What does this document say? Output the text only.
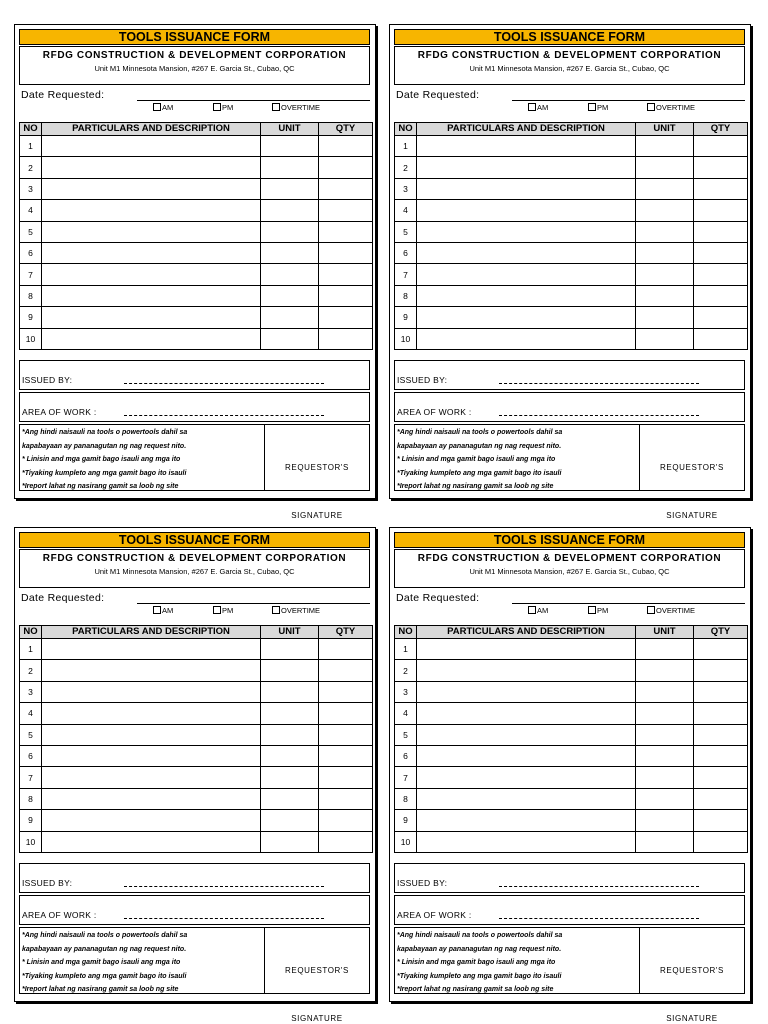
TOOLS ISSUANCE FORM
RFDG CONSTRUCTION & DEVELOPMENT CORPORATION
Unit M1 Minnesota Mansion, #267 E. Garcia St., Cubao, QC
Date Requested:
AM	PM	OVERTIME
NO	PARTICULARS AND DESCRIPTION	UNIT	QTY
1			
2			
3			
4			
5			
6			
7			
8			
9			
10			
ISSUED BY:
AREA OF WORK :
*Ang hindi naisauli na tools o powertools dahil sa
kapabayaan ay pananagutan ng nag request nito.
* Linisin and mga gamit bago isauli ang mga ito
*Tiyaking kumpleto ang mga gamit bago ito isauli
*Ireport lahat ng nasirang gamit sa loob ng site
REQUESTOR'S
SIGNATURE
TOOLS ISSUANCE FORM
RFDG CONSTRUCTION & DEVELOPMENT CORPORATION
Unit M1 Minnesota Mansion, #267 E. Garcia St., Cubao, QC
Date Requested:
AM	PM	OVERTIME
NO	PARTICULARS AND DESCRIPTION	UNIT	QTY
1			
2			
3			
4			
5			
6			
7			
8			
9			
10			
ISSUED BY:
AREA OF WORK :
*Ang hindi naisauli na tools o powertools dahil sa
kapabayaan ay pananagutan ng nag request nito.
* Linisin and mga gamit bago isauli ang mga ito
*Tiyaking kumpleto ang mga gamit bago ito isauli
*Ireport lahat ng nasirang gamit sa loob ng site
REQUESTOR'S
SIGNATURE
TOOLS ISSUANCE FORM
RFDG CONSTRUCTION & DEVELOPMENT CORPORATION
Unit M1 Minnesota Mansion, #267 E. Garcia St., Cubao, QC
Date Requested:
AM	PM	OVERTIME
NO	PARTICULARS AND DESCRIPTION	UNIT	QTY
1			
2			
3			
4			
5			
6			
7			
8			
9			
10			
ISSUED BY:
AREA OF WORK :
*Ang hindi naisauli na tools o powertools dahil sa
kapabayaan ay pananagutan ng nag request nito.
* Linisin and mga gamit bago isauli ang mga ito
*Tiyaking kumpleto ang mga gamit bago ito isauli
*Ireport lahat ng nasirang gamit sa loob ng site
REQUESTOR'S
SIGNATURE
TOOLS ISSUANCE FORM
RFDG CONSTRUCTION & DEVELOPMENT CORPORATION
Unit M1 Minnesota Mansion, #267 E. Garcia St., Cubao, QC
Date Requested:
AM	PM	OVERTIME
NO	PARTICULARS AND DESCRIPTION	UNIT	QTY
1			
2			
3			
4			
5			
6			
7			
8			
9			
10			
ISSUED BY:
AREA OF WORK :
*Ang hindi naisauli na tools o powertools dahil sa
kapabayaan ay pananagutan ng nag request nito.
* Linisin and mga gamit bago isauli ang mga ito
*Tiyaking kumpleto ang mga gamit bago ito isauli
*Ireport lahat ng nasirang gamit sa loob ng site
REQUESTOR'S
SIGNATURE
